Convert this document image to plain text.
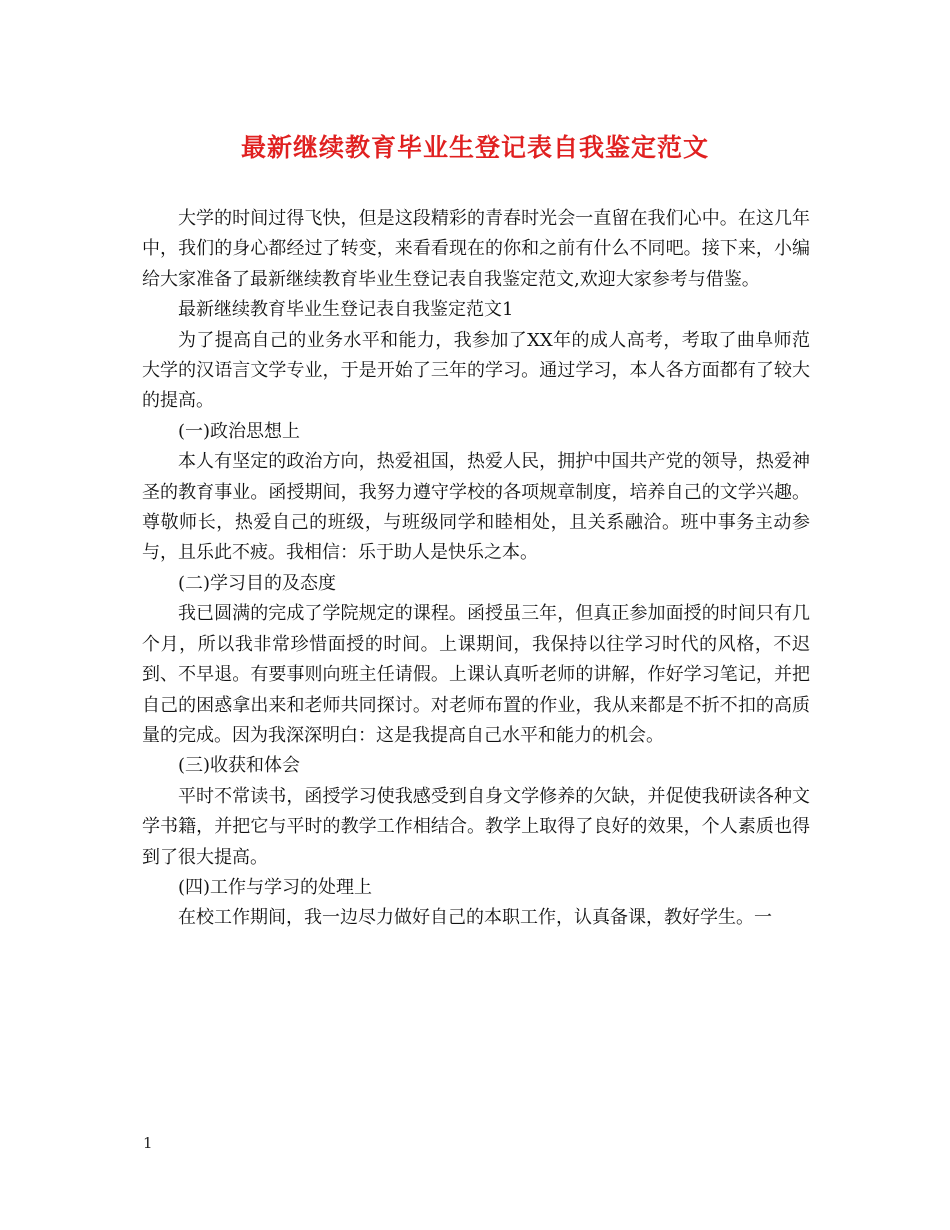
最新继续教育毕业生登记表自我鉴定范文

大学的时间过得飞快，但是这段精彩的青春时光会一直留在我们心中。在这几年中，我们的身心都经过了转变，来看看现在的你和之前有什么不同吧。接下来，小编给大家准备了最新继续教育毕业生登记表自我鉴定范文,欢迎大家参考与借鉴。

最新继续教育毕业生登记表自我鉴定范文1

为了提高自己的业务水平和能力，我参加了XX年的成人高考，考取了曲阜师范大学的汉语言文学专业，于是开始了三年的学习。通过学习，本人各方面都有了较大的提高。

(一)政治思想上

本人有坚定的政治方向，热爱祖国，热爱人民，拥护中国共产党的领导，热爱神圣的教育事业。函授期间，我努力遵守学校的各项规章制度，培养自己的文学兴趣。尊敬师长，热爱自己的班级，与班级同学和睦相处，且关系融洽。班中事务主动参与，且乐此不疲。我相信：乐于助人是快乐之本。

(二)学习目的及态度

我已圆满的完成了学院规定的课程。函授虽三年，但真正参加面授的时间只有几个月，所以我非常珍惜面授的时间。上课期间，我保持以往学习时代的风格，不迟到、不早退。有要事则向班主任请假。上课认真听老师的讲解，作好学习笔记，并把自己的困惑拿出来和老师共同探讨。对老师布置的作业，我从来都是不折不扣的高质量的完成。因为我深深明白：这是我提高自己水平和能力的机会。

(三)收获和体会

平时不常读书，函授学习使我感受到自身文学修养的欠缺，并促使我研读各种文学书籍，并把它与平时的教学工作相结合。教学上取得了良好的效果，个人素质也得到了很大提高。

(四)工作与学习的处理上

在校工作期间，我一边尽力做好自己的本职工作，认真备课，教好学生。一

1
